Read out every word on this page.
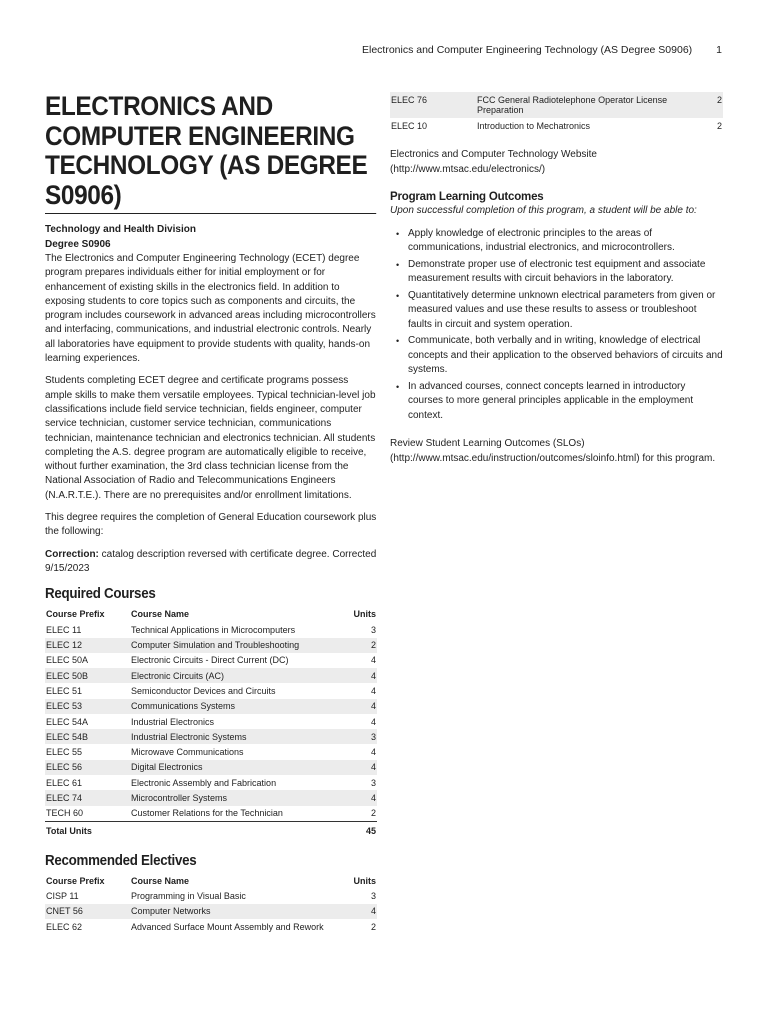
Electronics and Computer Engineering Technology (AS Degree S0906) 1
ELECTRONICS AND COMPUTER ENGINEERING TECHNOLOGY (AS DEGREE S0906)
Technology and Health Division
Degree S0906

The Electronics and Computer Engineering Technology (ECET) degree program prepares individuals either for initial employment or for enhancement of existing skills in the electronics field. In addition to exposing students to core topics such as components and circuits, the program includes coursework in advanced areas including microcontrollers and interfacing, communications, and industrial electronic controls. Nearly all laboratories have equipment to provide students with quality, hands-on learning experiences.

Students completing ECET degree and certificate programs possess ample skills to make them versatile employees. Typical technician-level job classifications include field service technician, fields engineer, computer service technician, customer service technician, communications technician, maintenance technician and electronics technician. All students completing the A.S. degree program are automatically eligible to receive, without further examination, the 3rd class technician license from the National Association of Radio and Telecommunications Engineers (N.A.R.T.E.). There are no prerequisites and/or enrollment limitations.

This degree requires the completion of General Education coursework plus the following:

Correction: catalog description reversed with certificate degree. Corrected 9/15/2023

Required Courses
Course Prefix	Course Name	Units
ELEC 11	Technical Applications in Microcomputers	3
ELEC 12	Computer Simulation and Troubleshooting	2
ELEC 50A	Electronic Circuits - Direct Current (DC)	4
ELEC 50B	Electronic Circuits (AC)	4
ELEC 51	Semiconductor Devices and Circuits	4
ELEC 53	Communications Systems	4
ELEC 54A	Industrial Electronics	4
ELEC 54B	Industrial Electronic Systems	3
ELEC 55	Microwave Communications	4
ELEC 56	Digital Electronics	4
ELEC 61	Electronic Assembly and Fabrication	3
ELEC 74	Microcontroller Systems	4
TECH 60	Customer Relations for the Technician	2
Total Units		45
Recommended Electives
Course Prefix	Course Name	Units
CISP 11	Programming in Visual Basic	3
CNET 56	Computer Networks	4
ELEC 62	Advanced Surface Mount Assembly and Rework	2
ELEC 76	FCC General Radiotelephone Operator License Preparation	2
ELEC 10	Introduction to Mechatronics	2

Electronics and Computer Technology Website (http://www.mtsac.edu/electronics/)

Program Learning Outcomes
Upon successful completion of this program, a student will be able to:
• Apply knowledge of electronic principles to the areas of communications, industrial electronics, and microcontrollers.
• Demonstrate proper use of electronic test equipment and associate measurement results with circuit behaviors in the laboratory.
• Quantitatively determine unknown electrical parameters from given or measured values and use these results to assess or troubleshoot faults in circuit and system operation.
• Communicate, both verbally and in writing, knowledge of electrical concepts and their application to the observed behaviors of circuits and systems.
• In advanced courses, connect concepts learned in introductory courses to more general principles applicable in the employment context.

Review Student Learning Outcomes (SLOs) (http://www.mtsac.edu/instruction/outcomes/sloinfo.html) for this program.
